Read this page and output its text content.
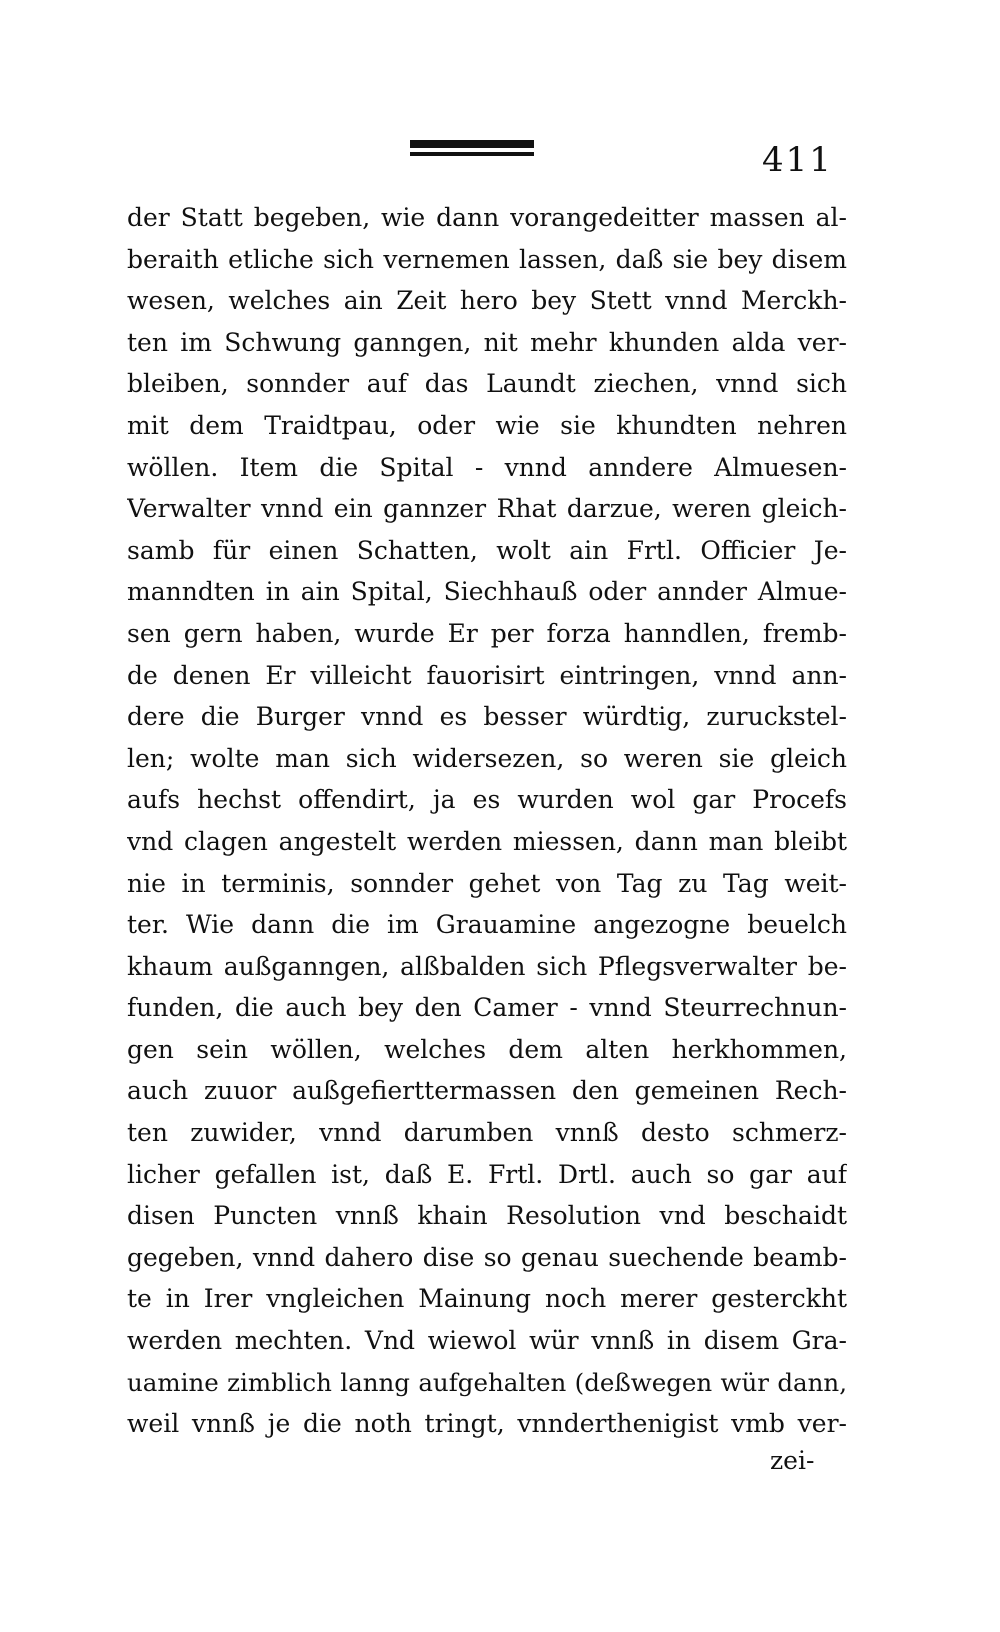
411
der Statt begeben, wie dann vorangedeitter massen al-
beraith etliche sich vernemen lassen, daß sie bey disem
wesen, welches ain Zeit hero bey Stett vnnd Merckh-
ten im Schwung ganngen, nit mehr khunden alda ver-
bleiben, sonnder auf das Laundt ziechen, vnnd sich
mit dem Traidtpau, oder wie sie khundten nehren
wöllen. Item die Spital - vnnd anndere Almuesen-
Verwalter vnnd ein gannzer Rhat darzue, weren gleich-
samb für einen Schatten, wolt ain Frtl. Officier Je-
manndten in ain Spital, Siechhauß oder annder Almue-
sen gern haben, wurde Er per forza hanndlen, fremb-
de denen Er villeicht fauorisirt eintringen, vnnd ann-
dere die Burger vnnd es besser würdtig, zuruckstel-
len; wolte man sich widersezen, so weren sie gleich
aufs hechst offendirt, ja es wurden wol gar Procefs
vnd clagen angestelt werden miessen, dann man bleibt
nie in terminis, sonnder gehet von Tag zu Tag weit-
ter. Wie dann die im Grauamine angezogne beuelch
khaum außganngen, alßbalden sich Pflegsverwalter be-
funden, die auch bey den Camer - vnnd Steurrechnun-
gen sein wöllen, welches dem alten herkhommen,
auch zuuor außgefierttermassen den gemeinen Rech-
ten zuwider, vnnd darumben vnnß desto schmerz-
licher gefallen ist, daß E. Frtl. Drtl. auch so gar auf
disen Puncten vnnß khain Resolution vnd beschaidt
gegeben, vnnd dahero dise so genau suechende beamb-
te in Irer vngleichen Mainung noch merer gesterckht
werden mechten. Vnd wiewol wür vnnß in disem Gra-
uamine zimblich lanng aufgehalten (deßwegen wür dann,
weil vnnß je die noth tringt, vnnderthenigist vmb ver-
zei-
